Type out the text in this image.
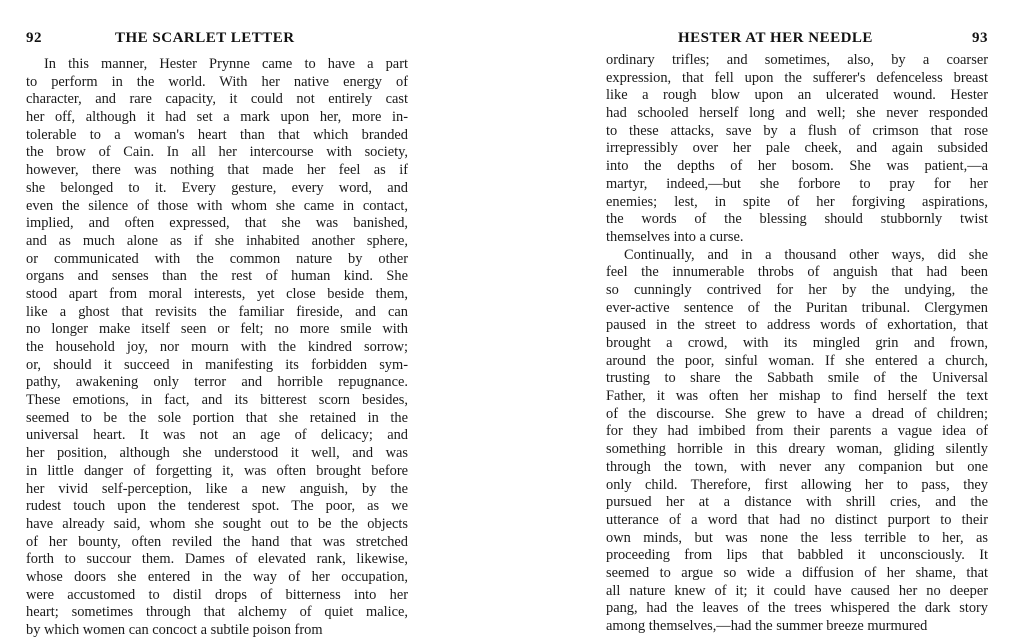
92	THE SCARLET LETTER
In this manner, Hester Prynne came to have a part
to perform in the world. With her native energy of
character, and rare capacity, it could not entirely cast
her off, although it had set a mark upon her, more in-
tolerable to a woman's heart than that which branded
the brow of Cain. In all her intercourse with society,
however, there was nothing that made her feel as if
she belonged to it. Every gesture, every word, and
even the silence of those with whom she came in contact,
implied, and often expressed, that she was banished,
and as much alone as if she inhabited another sphere,
or communicated with the common nature by other
organs and senses than the rest of human kind. She
stood apart from moral interests, yet close beside them,
like a ghost that revisits the familiar fireside, and can
no longer make itself seen or felt; no more smile with
the household joy, nor mourn with the kindred sorrow;
or, should it succeed in manifesting its forbidden sym-
pathy, awakening only terror and horrible repugnance.
These emotions, in fact, and its bitterest scorn besides,
seemed to be the sole portion that she retained in the
universal heart. It was not an age of delicacy; and
her position, although she understood it well, and was
in little danger of forgetting it, was often brought before
her vivid self-perception, like a new anguish, by the
rudest touch upon the tenderest spot. The poor, as we
have already said, whom she sought out to be the objects
of her bounty, often reviled the hand that was stretched
forth to succour them. Dames of elevated rank, likewise,
whose doors she entered in the way of her occupation,
were accustomed to distil drops of bitterness into her
heart; sometimes through that alchemy of quiet malice,
by which women can concoct a subtile poison from
HESTER AT HER NEEDLE	93
ordinary trifles; and sometimes, also, by a coarser
expression, that fell upon the sufferer's defenceless breast
like a rough blow upon an ulcerated wound. Hester
had schooled herself long and well; she never responded
to these attacks, save by a flush of crimson that rose
irrepressibly over her pale cheek, and again subsided
into the depths of her bosom. She was patient,—a
martyr, indeed,—but she forbore to pray for her
enemies; lest, in spite of her forgiving aspirations,
the words of the blessing should stubbornly twist
themselves into a curse.
Continually, and in a thousand other ways, did she
feel the innumerable throbs of anguish that had been
so cunningly contrived for her by the undying, the
ever-active sentence of the Puritan tribunal. Clergymen
paused in the street to address words of exhortation, that
brought a crowd, with its mingled grin and frown,
around the poor, sinful woman. If she entered a church,
trusting to share the Sabbath smile of the Universal
Father, it was often her mishap to find herself the text
of the discourse. She grew to have a dread of children;
for they had imbibed from their parents a vague idea of
something horrible in this dreary woman, gliding silently
through the town, with never any companion but one
only child. Therefore, first allowing her to pass, they
pursued her at a distance with shrill cries, and the
utterance of a word that had no distinct purport to their
own minds, but was none the less terrible to her, as
proceeding from lips that babbled it unconsciously. It
seemed to argue so wide a diffusion of her shame, that
all nature knew of it; it could have caused her no deeper
pang, had the leaves of the trees whispered the dark story
among themselves,—had the summer breeze murmured
